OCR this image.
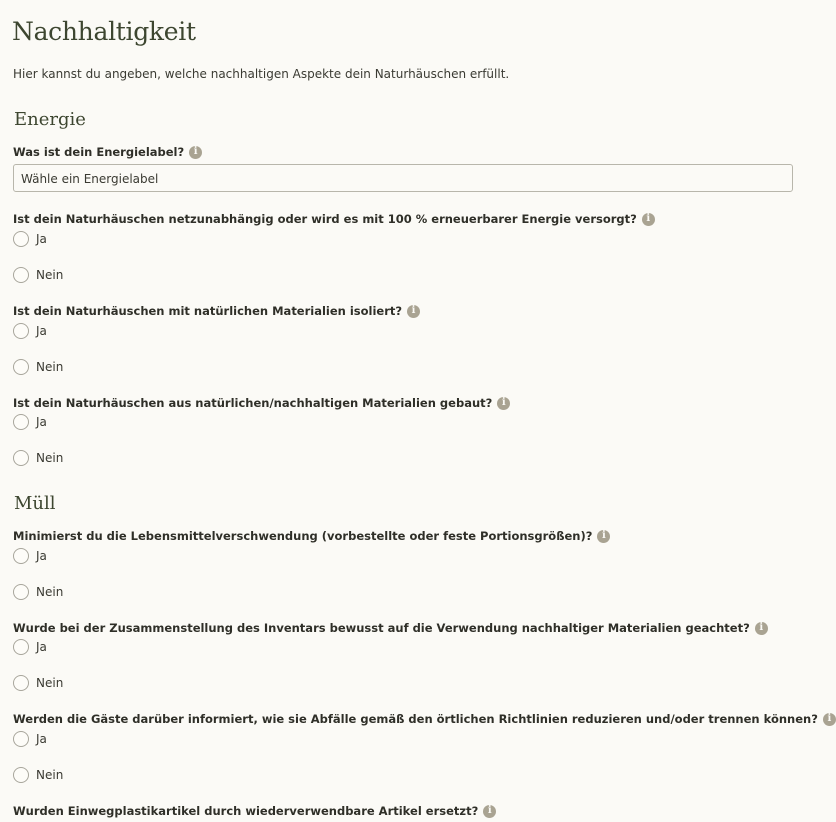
Nachhaltigkeit
Hier kannst du angeben, welche nachhaltigen Aspekte dein Naturhäuschen erfüllt.
Energie
Was ist dein Energielabel? i
Wähle ein Energielabel
Ist dein Naturhäuschen netzunabhängig oder wird es mit 100 % erneuerbarer Energie versorgt? i
Ja
Nein
Ist dein Naturhäuschen mit natürlichen Materialien isoliert? i
Ja
Nein
Ist dein Naturhäuschen aus natürlichen/nachhaltigen Materialien gebaut? i
Ja
Nein
Müll
Minimierst du die Lebensmittelverschwendung (vorbestellte oder feste Portionsgrößen)? i
Ja
Nein
Wurde bei der Zusammenstellung des Inventars bewusst auf die Verwendung nachhaltiger Materialien geachtet? i
Ja
Nein
Werden die Gäste darüber informiert, wie sie Abfälle gemäß den örtlichen Richtlinien reduzieren und/oder trennen können? i
Ja
Nein
Wurden Einwegplastikartikel durch wiederverwendbare Artikel ersetzt? i
